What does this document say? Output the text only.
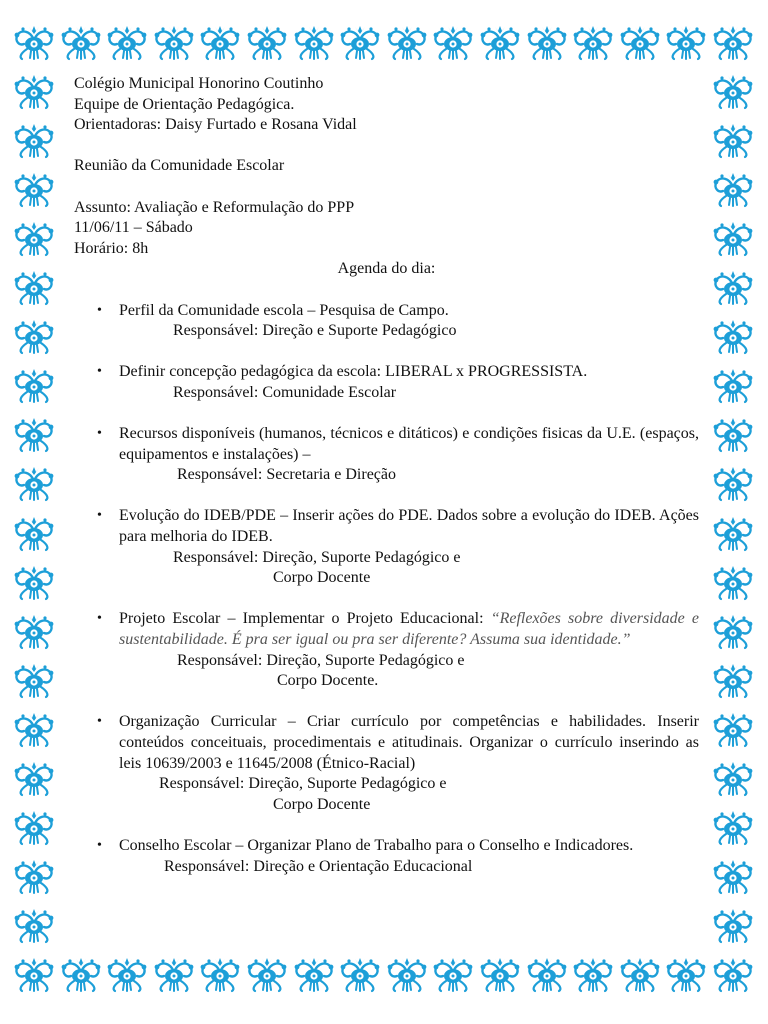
Colégio Municipal Honorino Coutinho
Equipe de Orientação Pedagógica.
Orientadoras: Daisy Furtado e Rosana Vidal
Reunião da Comunidade Escolar
Assunto: Avaliação e Reformulação do PPP
11/06/11 – Sábado
Horário: 8h
Agenda do dia:
• Perfil da Comunidade escola – Pesquisa de Campo.
Responsável: Direção e Suporte Pedagógico
• Definir concepção pedagógica da escola: LIBERAL x PROGRESSISTA.
Responsável: Comunidade Escolar
• Recursos disponíveis (humanos, técnicos e ditáticos) e condições fisicas da U.E. (espaços, equipamentos e instalações) –
Responsável: Secretaria e Direção
• Evolução do IDEB/PDE – Inserir ações do PDE. Dados sobre a evolução do IDEB. Ações para melhoria do IDEB.
Responsável: Direção, Suporte Pedagógico e
Corpo Docente
• Projeto Escolar – Implementar o Projeto Educacional: “Reflexões sobre diversidade e sustentabilidade. É pra ser igual ou pra ser diferente? Assuma sua identidade.”
Responsável: Direção, Suporte Pedagógico e
Corpo Docente.
• Organização Curricular – Criar currículo por competências e habilidades. Inserir conteúdos conceituais, procedimentais e atitudinais. Organizar o currículo inserindo as leis 10639/2003 e 11645/2008 (Étnico-Racial)
Responsável: Direção, Suporte Pedagógico e
Corpo Docente
• Conselho Escolar – Organizar Plano de Trabalho para o Conselho e Indicadores.
Responsável: Direção e Orientação Educacional
